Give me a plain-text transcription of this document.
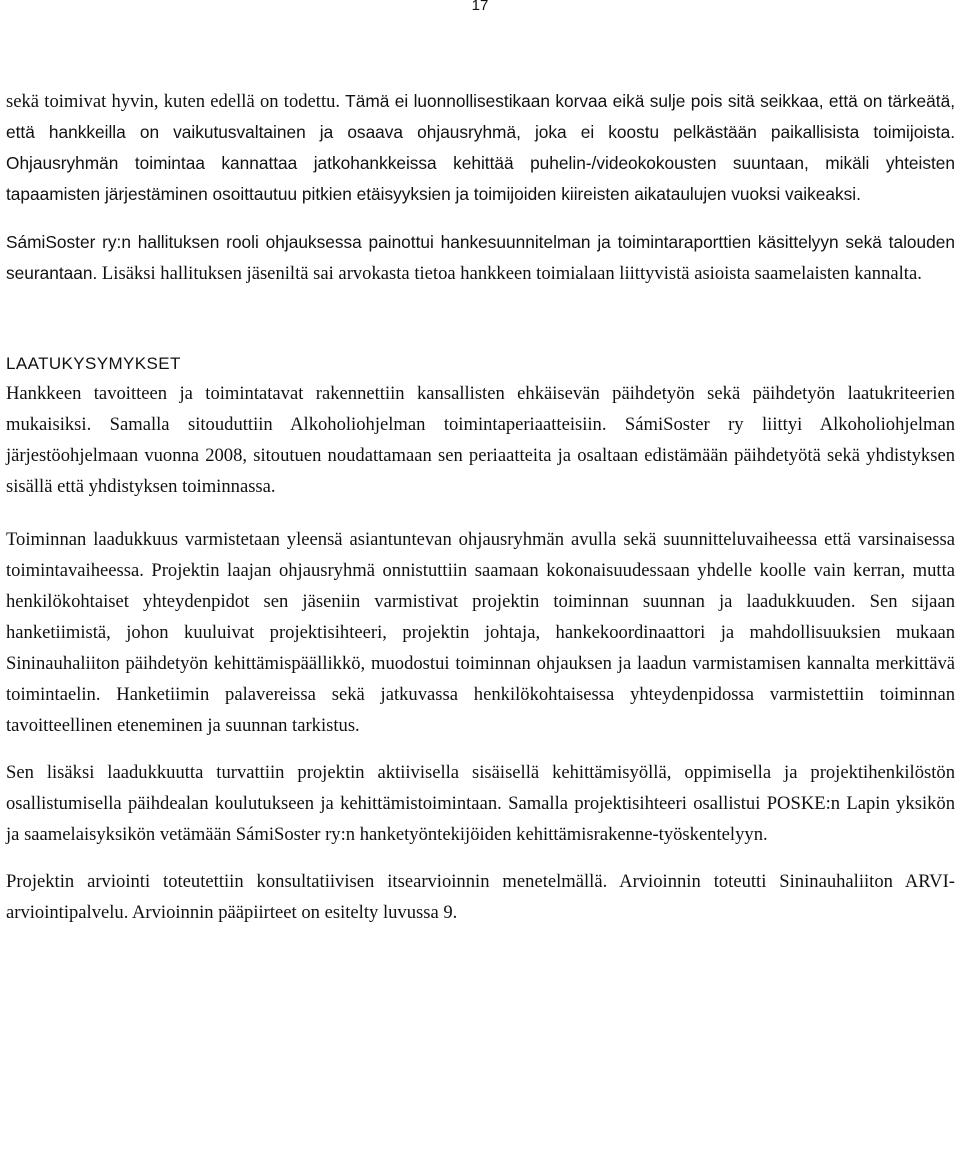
17

sekä toimivat hyvin, kuten edellä on todettu. Tämä ei luonnollisestikaan korvaa eikä sulje pois sitä seikkaa, että on tärkeätä, että hankkeilla on vaikutusvaltainen ja osaava ohjausryhmä, joka ei koostu pelkästään paikallisista toimijoista. Ohjausryhmän toimintaa kannattaa jatkohankkeissa kehittää puhelin-/videokokousten suuntaan, mikäli yhteisten tapaamisten järjestäminen osoittautuu pitkien etäisyyksien ja toimijoiden kiireisten aikataulujen vuoksi vaikeaksi.

SámiSoster ry:n hallituksen rooli ohjauksessa painottui hankesuunnitelman ja toimintaraporttien käsittelyyn sekä talouden seurantaan. Lisäksi hallituksen jäseniltä sai arvokasta tietoa hankkeen toimialaan liittyvistä asioista saamelaisten kannalta.

LAATUKYSYMYKSET

Hankkeen tavoitteen ja toimintatavat rakennettiin kansallisten ehkäisevän päihdetyön sekä päihdetyön laatukriteerien mukaisiksi. Samalla sitouduttiin Alkoholiohjelman toimintaperiaatteisiin. SámiSoster ry liittyi Alkoholiohjelman järjestöohjelmaan vuonna 2008, sitoutuen noudattamaan sen periaatteita ja osaltaan edistämään päihdetyötä sekä yhdistyksen sisällä että yhdistyksen toiminnassa.

Toiminnan laadukkuus varmistetaan yleensä asiantuntevan ohjausryhmän avulla sekä suunnitteluvaiheessa että varsinaisessa toimintavaiheessa. Projektin laajan ohjausryhmä onnistuttiin saamaan kokonaisuudessaan yhdelle koolle vain kerran, mutta henkilökohtaiset yhteydenpidot sen jäseniin varmistivat projektin toiminnan suunnan ja laadukkuuden. Sen sijaan hanketiimistä, johon kuuluivat projektisihteeri, projektin johtaja, hankekoordinaattori ja mahdollisuuksien mukaan Sininauhaliiton päihdetyön kehittämispäällikkö, muodostui toiminnan ohjauksen ja laadun varmistamisen kannalta merkittävä toimintaelin. Hanketiimin palavereissa sekä jatkuvassa henkilökohtaisessa yhteydenpidossa varmistettiin toiminnan tavoitteellinen eteneminen ja suunnan tarkistus.

Sen lisäksi laadukkuutta turvattiin projektin aktiivisella sisäisellä kehittämisyöllä, oppimisella ja projektihenkilöstön osallistumisella päihdealan koulutukseen ja kehittämistoimintaan. Samalla projektisihteeri osallistui POSKE:n Lapin yksikön ja saamelaisyksikön vetämään SámiSoster ry:n hanketyöntekijöiden kehittämisrakenne-työskentelyyn.

Projektin arviointi toteutettiin konsultatiivisen itsearvioinnin menetelmällä. Arvioinnin toteutti Sininauhaliiton ARVI-arviointipalvelu. Arvioinnin pääpiirteet on esitelty luvussa 9.
